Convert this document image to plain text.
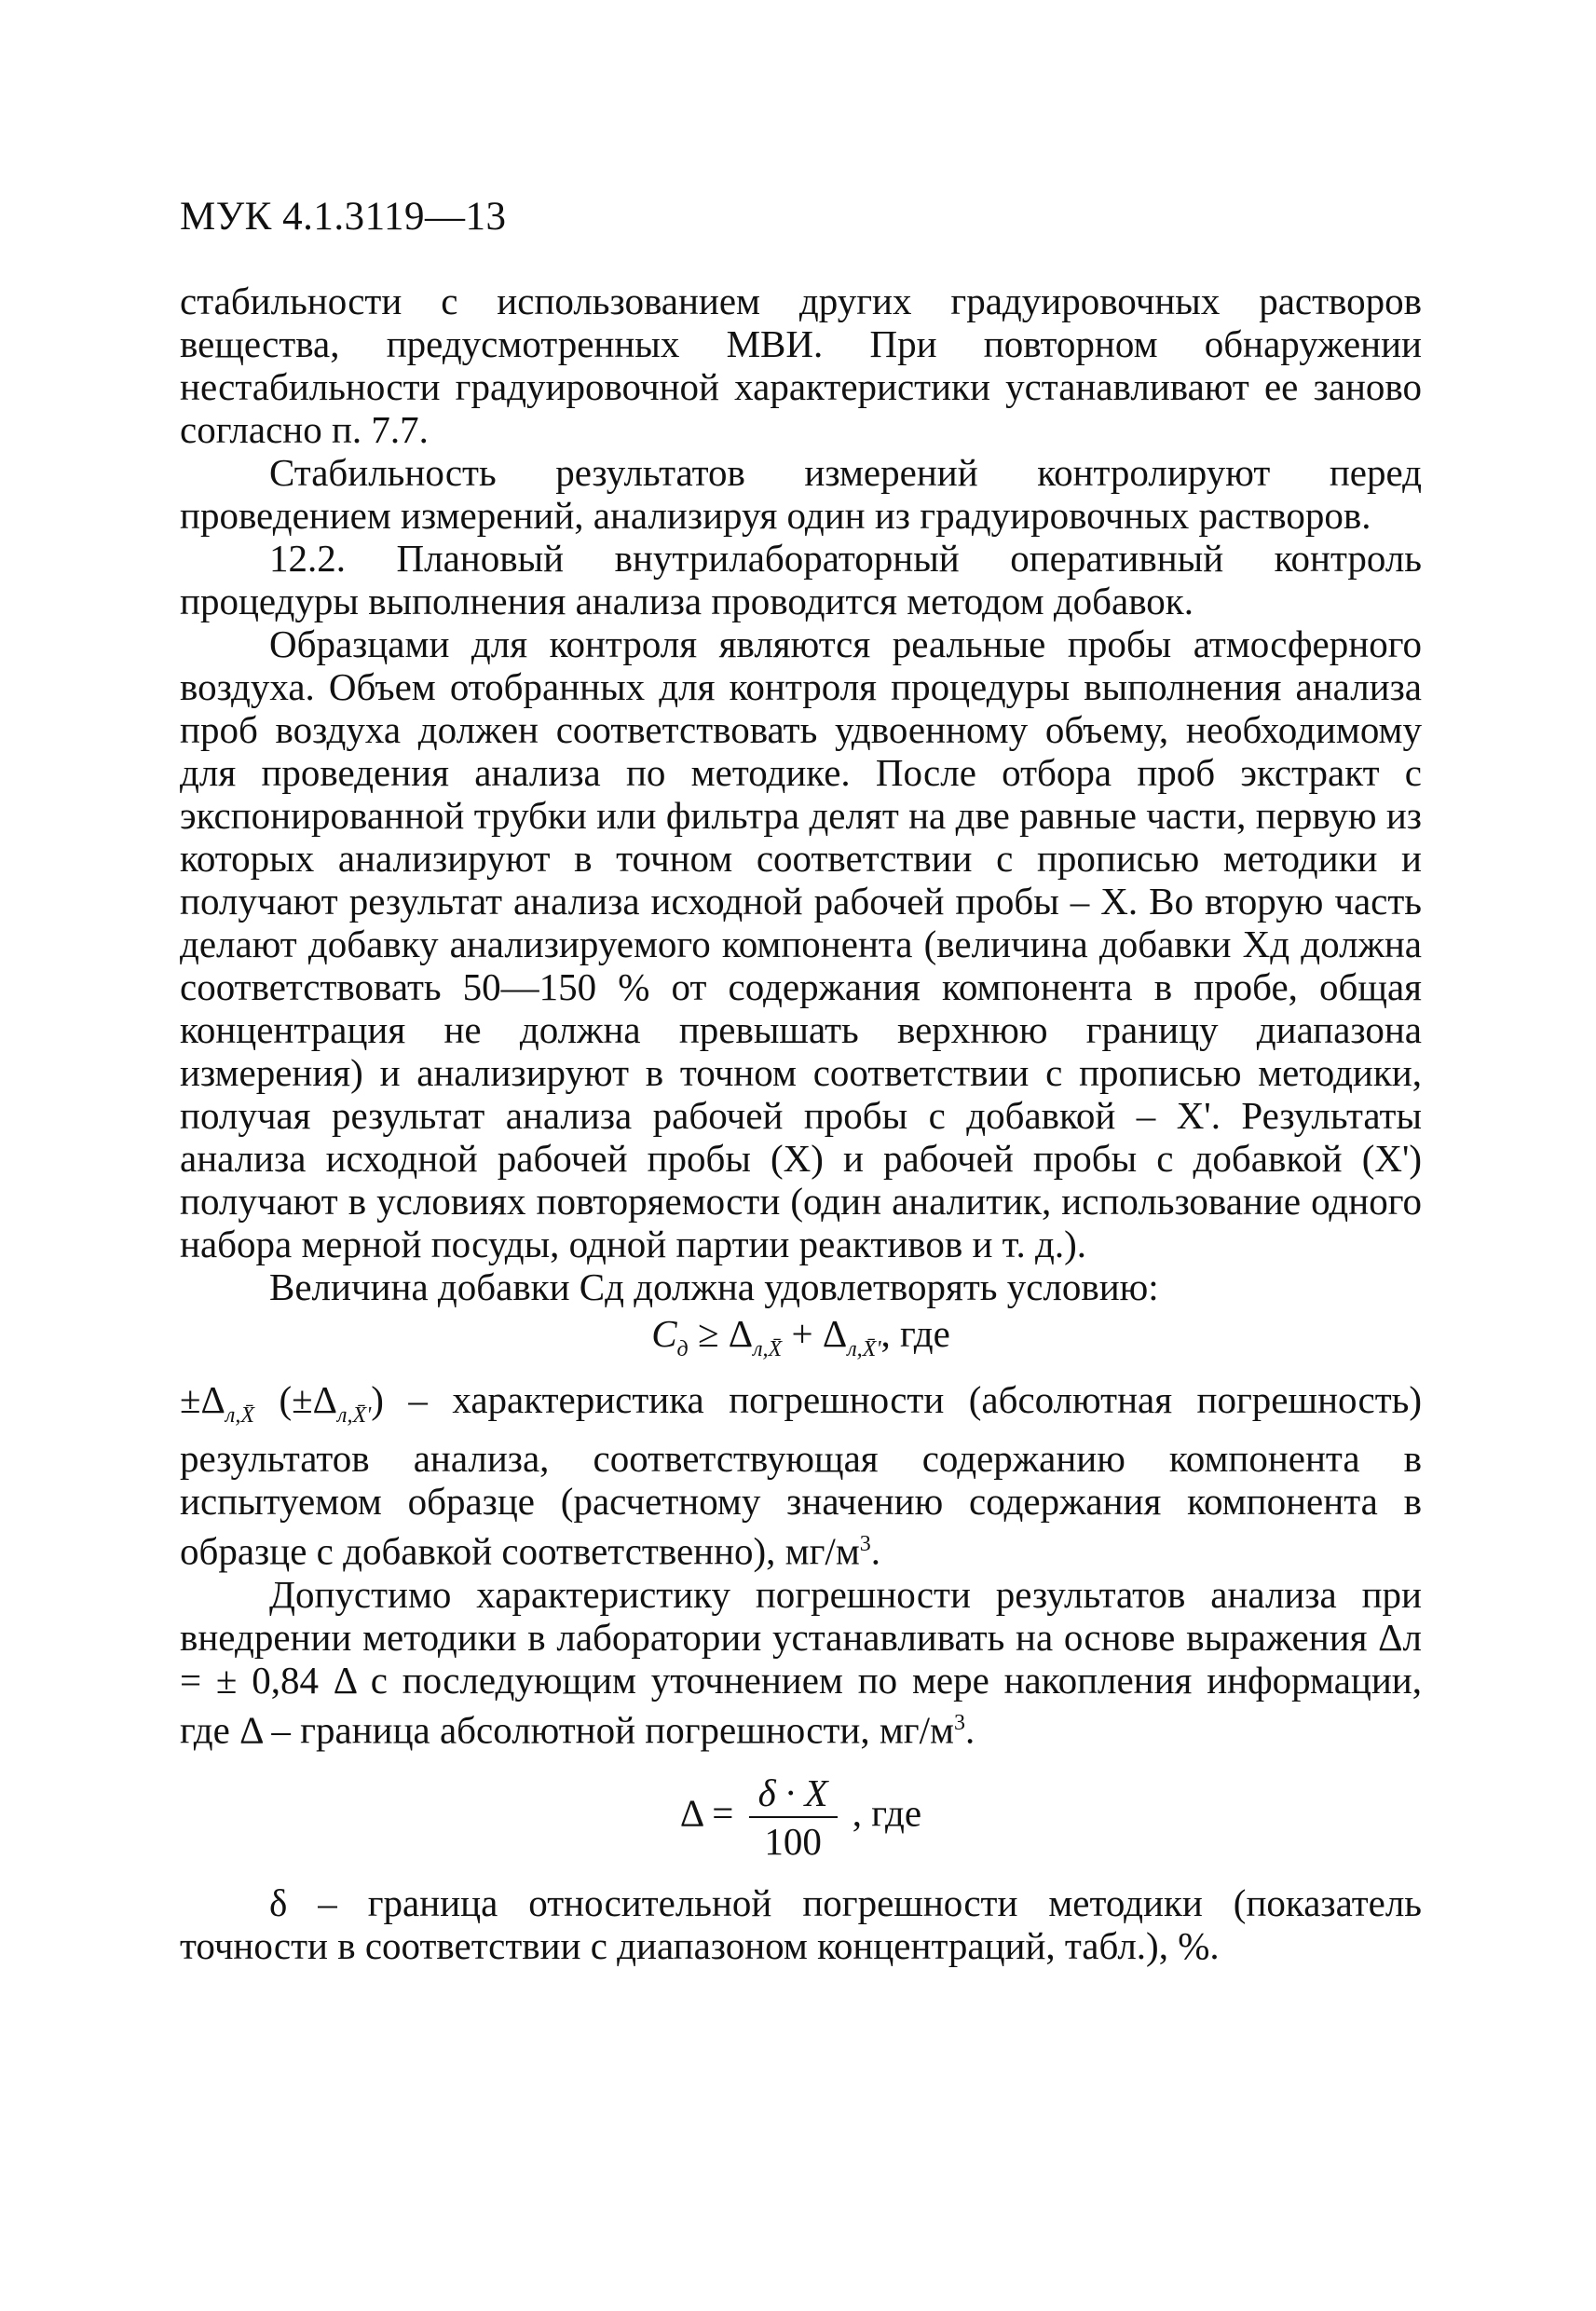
МУК 4.1.3119—13

стабильности с использованием других градуировочных растворов вещества, предусмотренных МВИ. При повторном обнаружении нестабильности градуировочной характеристики устанавливают ее заново согласно п. 7.7.

Стабильность результатов измерений контролируют перед проведением измерений, анализируя один из градуировочных растворов.

12.2. Плановый внутрилабораторный оперативный контроль процедуры выполнения анализа проводится методом добавок.

Образцами для контроля являются реальные пробы атмосферного воздуха. Объем отобранных для контроля процедуры выполнения анализа проб воздуха должен соответствовать удвоенному объему, необходимому для проведения анализа по методике. После отбора проб экстракт с экспонированной трубки или фильтра делят на две равные части, первую из которых анализируют в точном соответствии с прописью методики и получают результат анализа исходной рабочей пробы – X. Во вторую часть делают добавку анализируемого компонента (величина добавки Xд должна соответствовать 50—150 % от содержания компонента в пробе, общая концентрация не должна превышать верхнюю границу диапазона измерения) и анализируют в точном соответствии с прописью методики, получая результат анализа рабочей пробы с добавкой – X'. Результаты анализа исходной рабочей пробы (X) и рабочей пробы с добавкой (X') получают в условиях повторяемости (один аналитик, использование одного набора мерной посуды, одной партии реактивов и т. д.).

Величина добавки Cд должна удовлетворять условию:

$C_д \ge \Delta_{л,X̄} + \Delta_{л,X̄'}$, где

$\pm\Delta_{л,X̄}$ $(\pm\Delta_{л,X̄'})$ – характеристика погрешности (абсолютная погрешность) результатов анализа, соответствующая содержанию компонента в испытуемом образце (расчетному значению содержания компонента в образце с добавкой соответственно), $мг/м^3$.

Допустимо характеристику погрешности результатов анализа при внедрении методики в лаборатории устанавливать на основе выражения Δл = ± 0,84 Δ с последующим уточнением по мере накопления информации, где Δ – граница абсолютной погрешности, $мг/м^3$.

$\Delta = \frac{\delta \cdot X}{100}$ , где

δ – граница относительной погрешности методики (показатель точности в соответствии с диапазоном концентраций, табл.), %.
